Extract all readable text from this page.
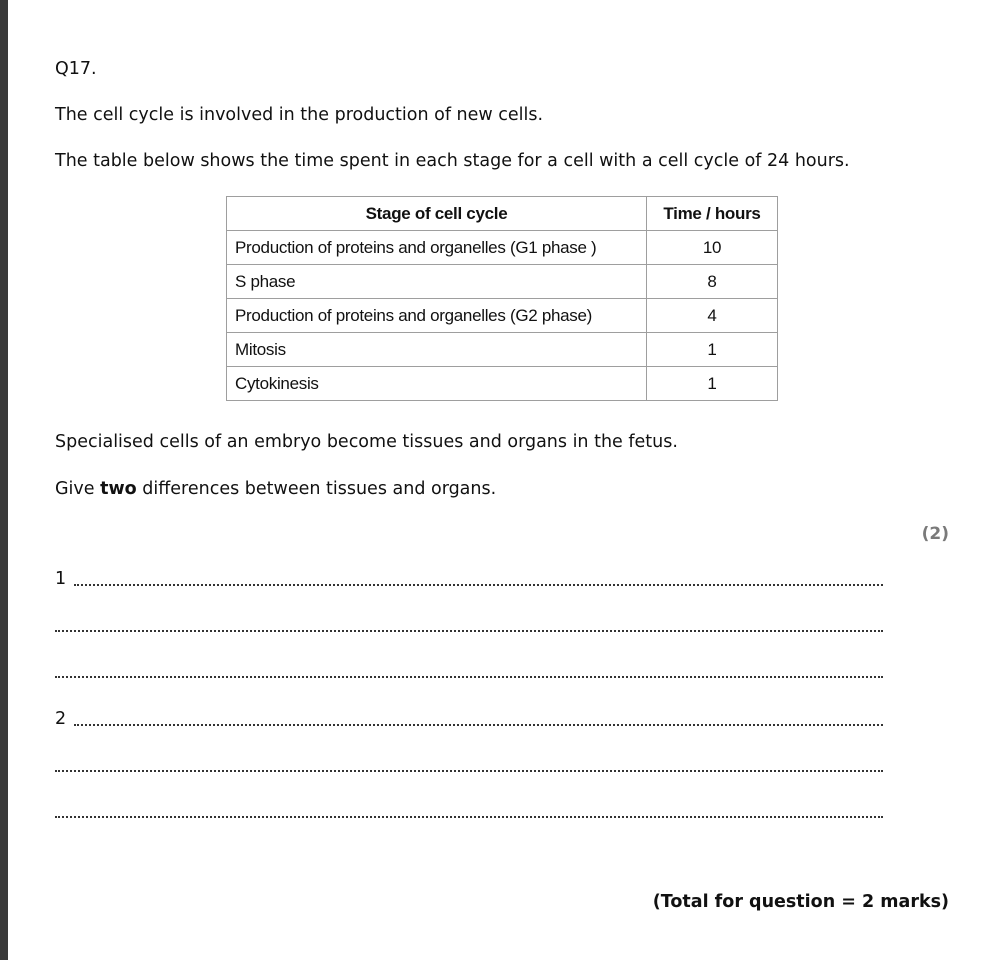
Q17.

The cell cycle is involved in the production of new cells.

The table below shows the time spent in each stage for a cell with a cell cycle of 24 hours.

Stage of cell cycle	Time / hours
Production of proteins and organelles (G1 phase )	10
S phase	8
Production of proteins and organelles (G2 phase)	4
Mitosis	1
Cytokinesis	1

Specialised cells of an embryo become tissues and organs in the fetus.

Give two differences between tissues and organs.

(2)
1
2
(Total for question = 2 marks)
